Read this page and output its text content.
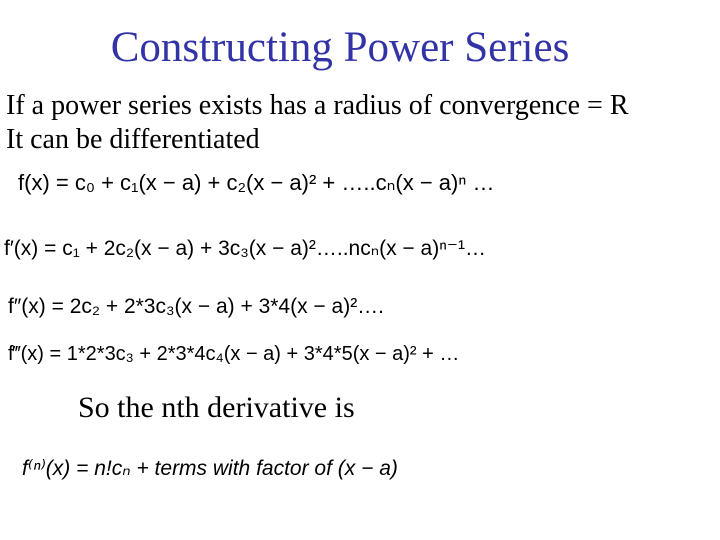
Constructing Power Series
If a power series exists has a radius of convergence = R
It can be differentiated
f(x) = c₀ + c₁(x − a) + c₂(x − a)² + …..cₙ(x − a)ⁿ …
f′(x) = c₁ + 2c₂(x − a) + 3c₃(x − a)²…..ncₙ(x − a)ⁿ⁻¹…
f″(x) = 2c₂ + 2*3c₃(x − a) + 3*4(x − a)²….
f‴(x) = 1*2*3c₃ + 2*3*4c₄(x − a) + 3*4*5(x − a)² + …
So the nth derivative is
f⁽ⁿ⁾(x) = n!cₙ + terms with factor of (x − a)
